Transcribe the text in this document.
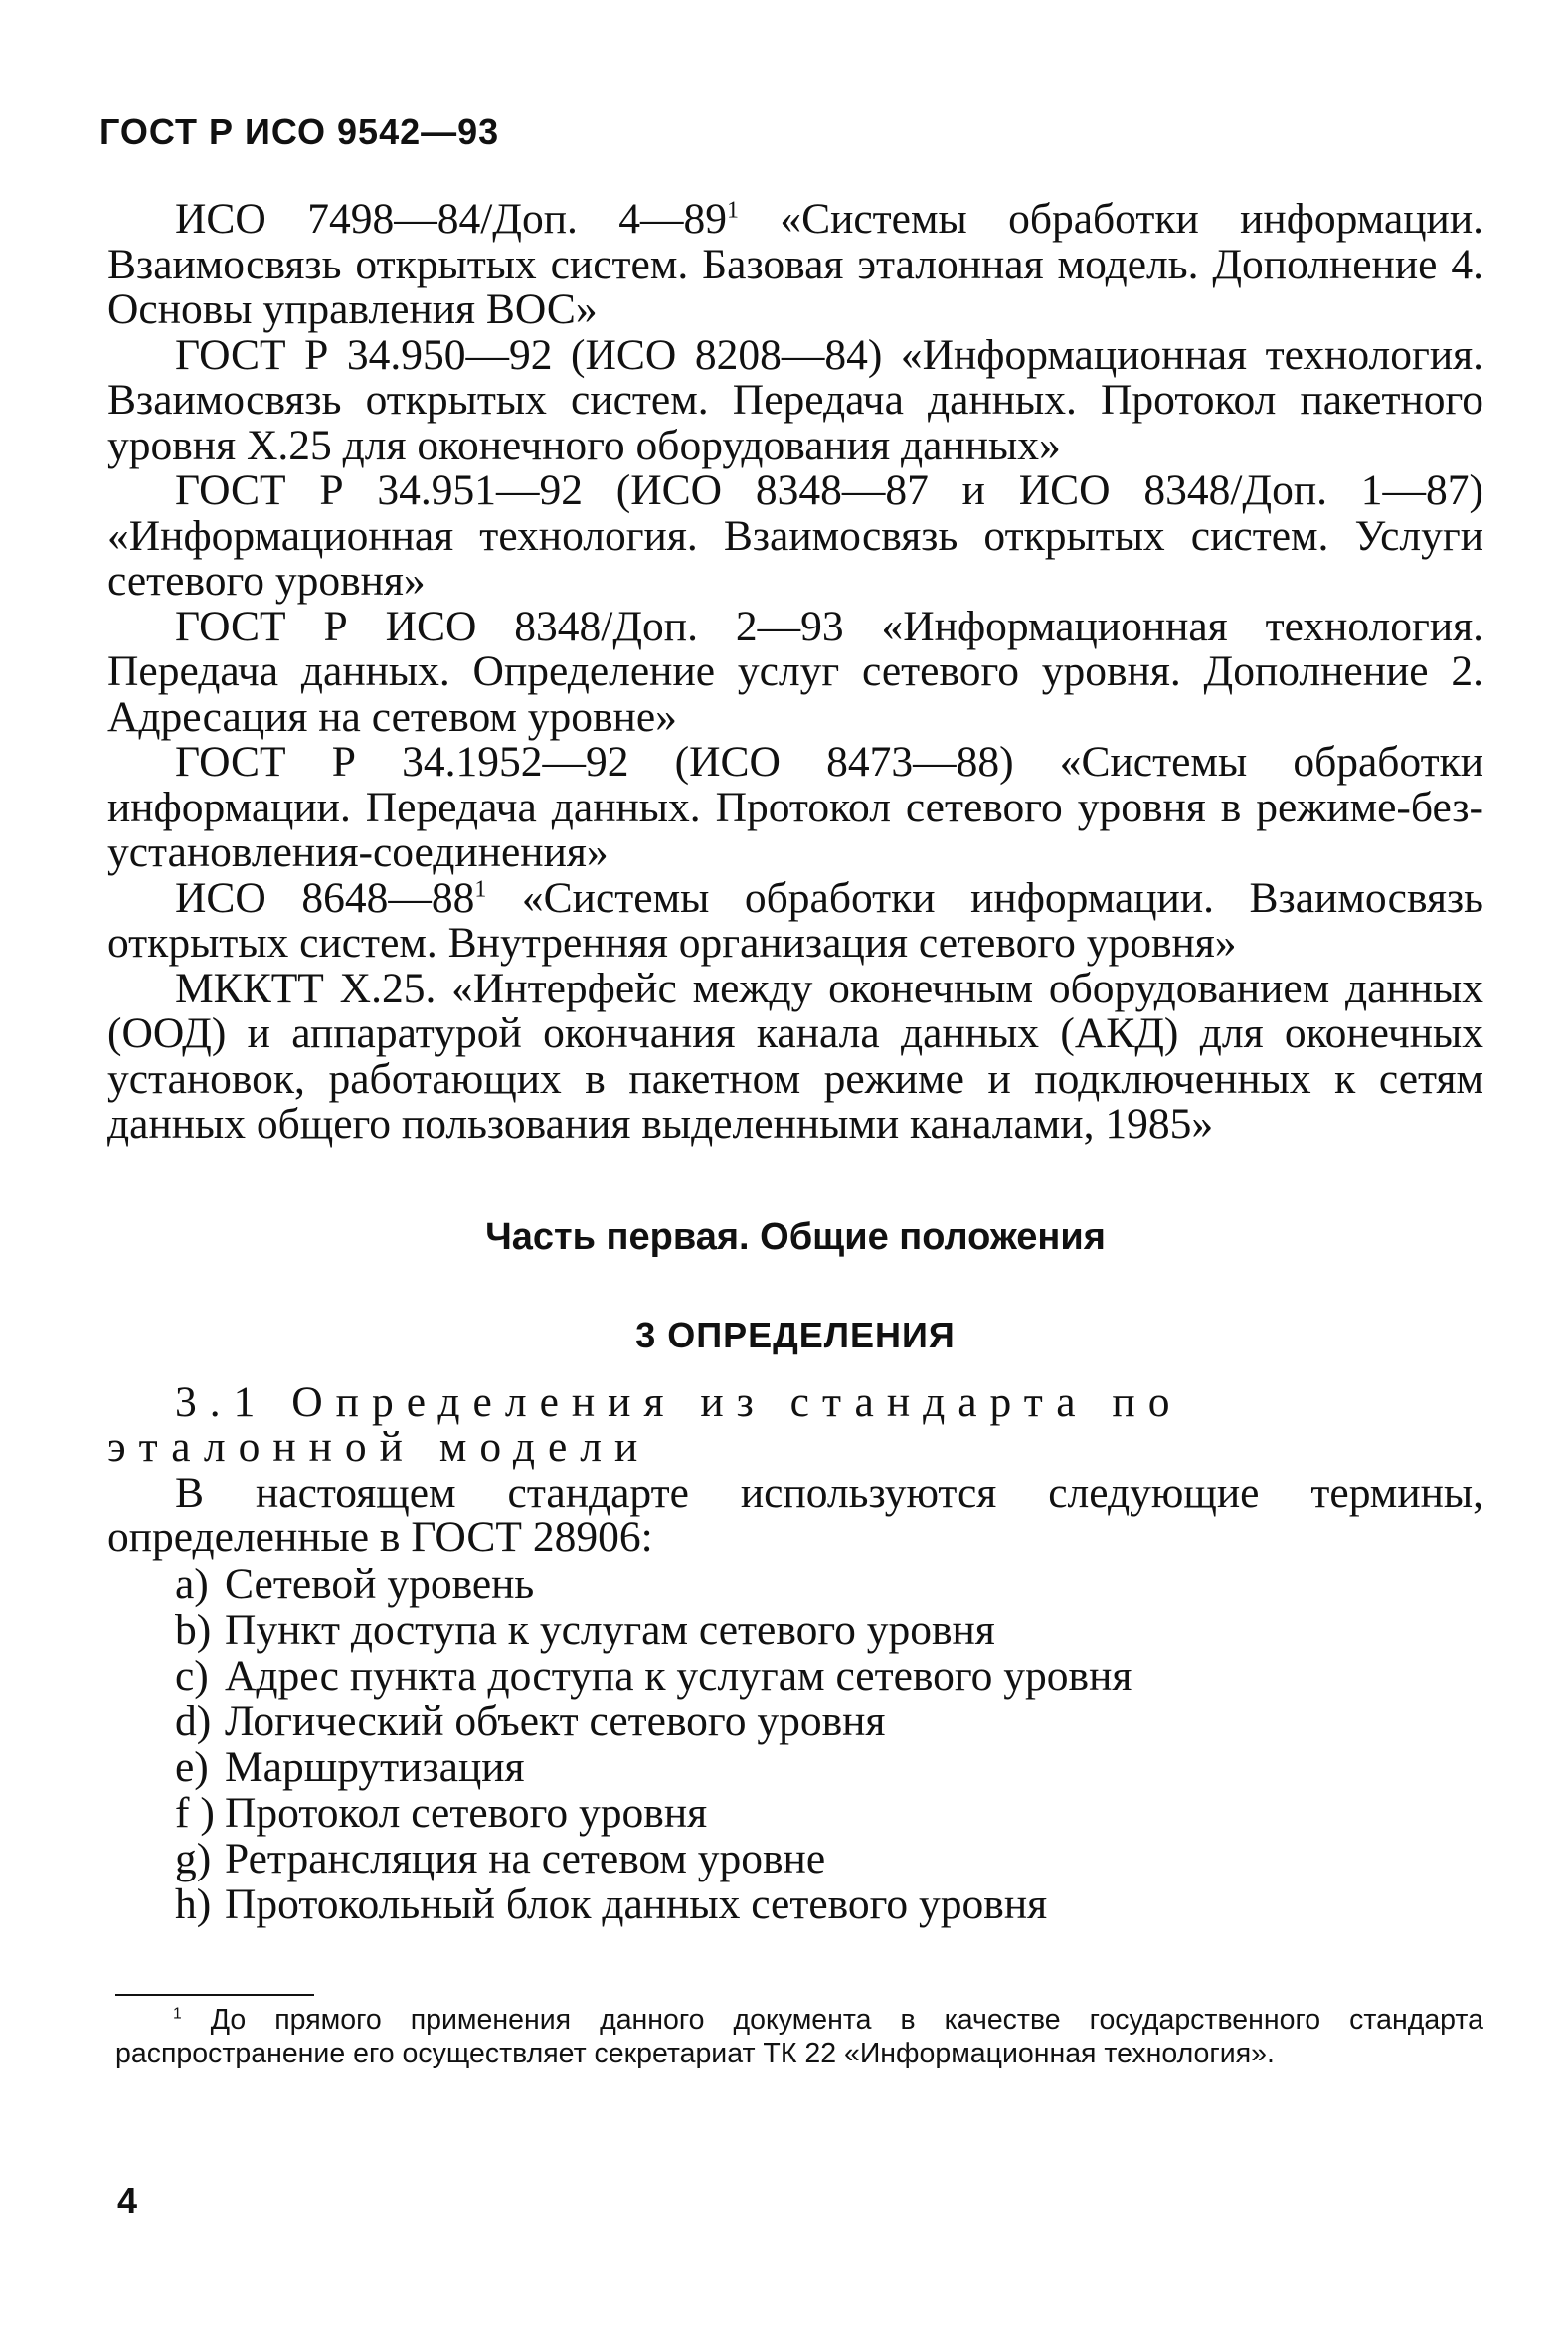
ГОСТ Р ИСО 9542—93

ИСО 7498—84/Доп. $4—89^1$ «Системы обработки информации. Взаимосвязь открытых систем. Базовая эталонная модель. Дополнение 4. Основы управления ВОС»

ГОСТ Р 34.950—92 (ИСО 8208—84) «Информационная технология. Взаимосвязь открытых систем. Передача данных. Протокол пакетного уровня X.25 для оконечного оборудования данных»

ГОСТ Р 34.951—92 (ИСО 8348—87 и ИСО 8348/Доп. 1—87) «Информационная технология. Взаимосвязь открытых систем. Услуги сетевого уровня»

ГОСТ Р ИСО 8348/Доп. 2—93 «Информационная технология. Передача данных. Определение услуг сетевого уровня. Дополнение 2. Адресация на сетевом уровне»

ГОСТ Р 34.1952—92 (ИСО 8473—88) «Системы обработки информации. Передача данных. Протокол сетевого уровня в режиме-без-установления-соединения»

ИСО $8648—88^1$ «Системы обработки информации. Взаимосвязь открытых систем. Внутренняя организация сетевого уровня»

МККТТ Х.25. «Интерфейс между оконечным оборудованием данных (ООД) и аппаратурой окончания канала данных (АКД) для оконечных установок, работающих в пакетном режиме и подключенных к сетям данных общего пользования выделенными каналами, 1985»

Часть первая. Общие положения
3 ОПРЕДЕЛЕНИЯ

3.1 Определения из стандарта по эталонной модели

В настоящем стандарте используются следующие термины, определенные в ГОСТ 28906:

a) Сетевой уровень
b) Пункт доступа к услугам сетевого уровня
c) Адрес пункта доступа к услугам сетевого уровня
d) Логический объект сетевого уровня
e) Маршрутизация
f ) Протокол сетевого уровня
g) Ретрансляция на сетевом уровне
h) Протокольный блок данных сетевого уровня
$^1$ До прямого применения данного документа в качестве государственного стандарта распространение его осуществляет секретариат ТК 22 «Информационная технология».
4
